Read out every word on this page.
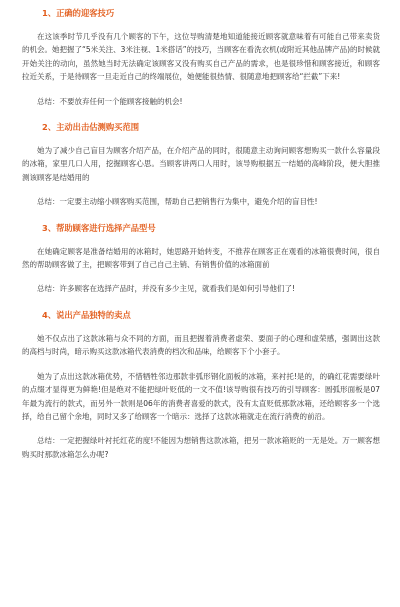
1、正确的迎客技巧

在这该季时节几乎没有几个顾客的下午，这位导购清楚地知道能接近顾客就意味着有可能自己带来卖货的机会。她把握了“5米关注、3米注视、1米搭话”的技巧，当顾客在看洗衣机(或附近其他品牌产品)的时候就开始关注的动向，虽然她当时无法确定该顾客又没有购买自己产品的需求，也是很珍惜和顾客接近，和顾客拉近关系，于是待顾客一旦走近自己的终端展位，她便能很热情、很随意地把顾客给“拦截”下来!

总结：不要放弃任何一个能顾客接触的机会!

2、主动出击估测购买范围

她为了减少自己盲目为顾客介绍产品，在介绍产品的同时，很随意主动询问顾客想购买一款什么容量段的冰箱，家里几口人用，挖掘顾客心思。当顾客讲两口人用时，该导购根据五一结婚的高峰阶段，便大胆推测该顾客是结婚用的

总结：一定要主动缩小顾客购买范围，帮助自己把销售行为集中，避免介绍的盲目性!

3、帮助顾客进行选择产品型号

在她确定顾客是准备结婚用的冰箱时，她思路开始转变，不推荐在顾客正在观看的冰箱很费时间，很自然的帮助顾客做了主，把顾客带到了自己自己主销、有销售价值的冰箱面前

总结：许多顾客在选择产品时，并没有多少主见，就看我们是如何引导他们了!

4、说出产品独特的卖点

她不仅点出了这款冰箱与众不同的方面，而且把握着消费者虚荣、要面子的心理和虚荣感，强调出这款的高档与时尚，暗示购买这款冰箱代表消费的档次和品味，给顾客下个小套子。

她为了点出这款冰箱优势，不惜牺牲邻边那款非弧形钢化面板的冰箱，来衬托!是的，的确红花需要绿叶的点缀才显得更为鲜艳!但是绝对不能把绿叶贬低的一文不值!该导购很有技巧的引导顾客：圆弧形面板是07年最为流行的款式，而另外一款则是06年的消费者喜爱的款式，没有太直贬低那款冰箱，还给顾客多一个选择，给自己留个余地，同时又多了给顾客一个暗示：选择了这款冰箱就走在流行消费的前沿。

总结：一定把握绿叶衬托红花的度!不能因为想销售这款冰箱，把另一款冰箱贬的一无是处。万一顾客想购买时那款冰箱怎么办呢?
